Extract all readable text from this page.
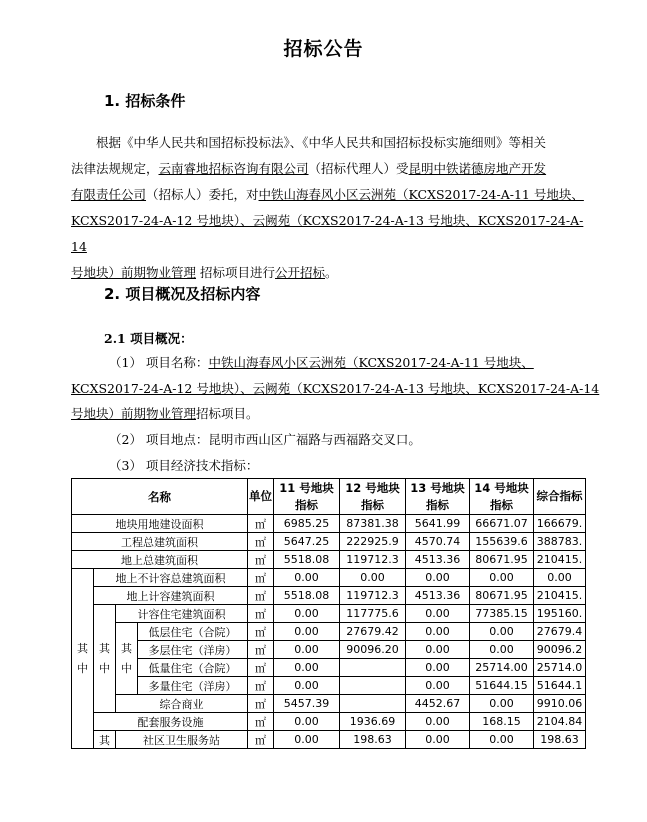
招标公告
1. 招标条件
根据《中华人民共和国招标投标法》、《中华人民共和国招标投标实施细则》等相关
法律法规规定，云南睿地招标咨询有限公司（招标代理人）受昆明中铁诺德房地产开发
有限责任公司（招标人）委托，对中铁山海春风小区云洲苑（KCXS2017-24-A-11 号地块、
KCXS2017-24-A-12 号地块）、云阙苑（KCXS2017-24-A-13 号地块、KCXS2017-24-A-14
号地块）前期物业管理 招标项目进行公开招标。
2. 项目概况及招标内容
2.1 项目概况：
（1） 项目名称：中铁山海春风小区云洲苑（KCXS2017-24-A-11 号地块、
KCXS2017-24-A-12 号地块）、云阙苑（KCXS2017-24-A-13 号地块、KCXS2017-24-A-14
号地块）前期物业管理招标项目。
（2） 项目地点：昆明市西山区广福路与西福路交叉口。
（3） 项目经济技术指标：
名称				单位	11 号地块指标	12 号地块指标	13 号地块指标	14 号地块指标	综合指标
地块用地建设面积				㎡	6985.25	87381.38	5641.99	66671.07	166679.
工程总建筑面积				㎡	5647.25	222925.9	4570.74	155639.6	388783.
地上总建筑面积				㎡	5518.08	119712.3	4513.36	80671.95	210415.
其中	地上不计容总建筑面积			㎡	0.00	0.00	0.00	0.00	0.00
	地上计容建筑面积			㎡	5518.08	119712.3	4513.36	80671.95	210415.
	其中	计容住宅建筑面积		㎡	0.00	117775.6	0.00	77385.15	195160.
		其中	低层住宅（合院）	㎡	0.00	27679.42	0.00	0.00	27679.4
			多层住宅（洋房）	㎡	0.00	90096.20	0.00	0.00	90096.2
			低量住宅（合院）	㎡	0.00		0.00	25714.00	25714.0
			多量住宅（洋房）	㎡	0.00		0.00	51644.15	51644.1
		综合商业		㎡	5457.39		4452.67	0.00	9910.06
	配套服务设施			㎡	0.00	1936.69	0.00	168.15	2104.84
	其	社区卫生服务站		㎡	0.00	198.63	0.00	0.00	198.63
